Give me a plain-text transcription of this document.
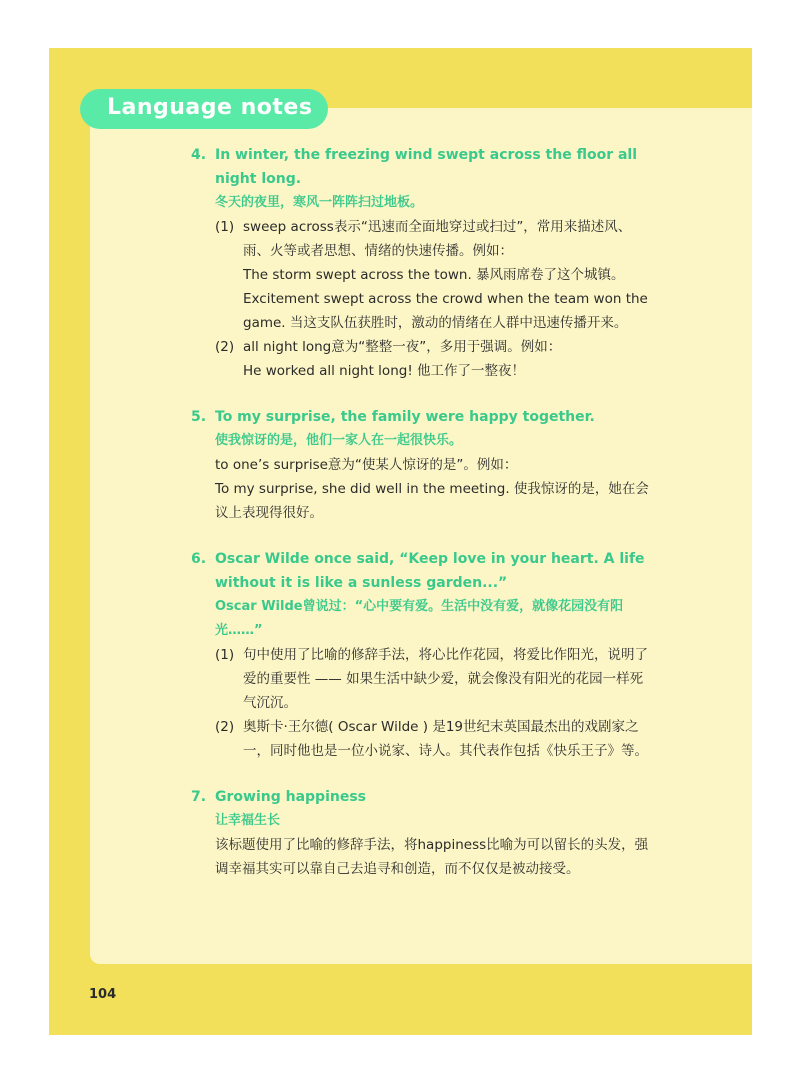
Language notes
4. In winter, the freezing wind swept across the floor all night long.
冬天的夜里，寒风一阵阵扫过地板。
(1) sweep across表示“迅速而全面地穿过或扫过”，常用来描述风、雨、火等或者思想、情绪的快速传播。例如：
The storm swept across the town. 暴风雨席卷了这个城镇。
Excitement swept across the crowd when the team won the game. 当这支队伍获胜时，激动的情绪在人群中迅速传播开来。
(2) all night long意为“整整一夜”，多用于强调。例如：
He worked all night long! 他工作了一整夜！
5. To my surprise, the family were happy together.
使我惊讶的是，他们一家人在一起很快乐。
to one’s surprise意为“使某人惊讶的是”。例如：
To my surprise, she did well in the meeting. 使我惊讶的是，她在会议上表现得很好。
6. Oscar Wilde once said, “Keep love in your heart. A life without it is like a sunless garden...”
Oscar Wilde曾说过：“心中要有爱。生活中没有爱，就像花园没有阳光……”
(1) 句中使用了比喻的修辞手法，将心比作花园，将爱比作阳光，说明了爱的重要性 —— 如果生活中缺少爱，就会像没有阳光的花园一样死气沉沉。
(2) 奥斯卡·王尔德( Oscar Wilde ) 是19世纪末英国最杰出的戏剧家之一，同时他也是一位小说家、诗人。其代表作包括《快乐王子》等。
7. Growing happiness
让幸福生长
该标题使用了比喻的修辞手法，将happiness比喻为可以留长的头发，强调幸福其实可以靠自己去追寻和创造，而不仅仅是被动接受。
104
